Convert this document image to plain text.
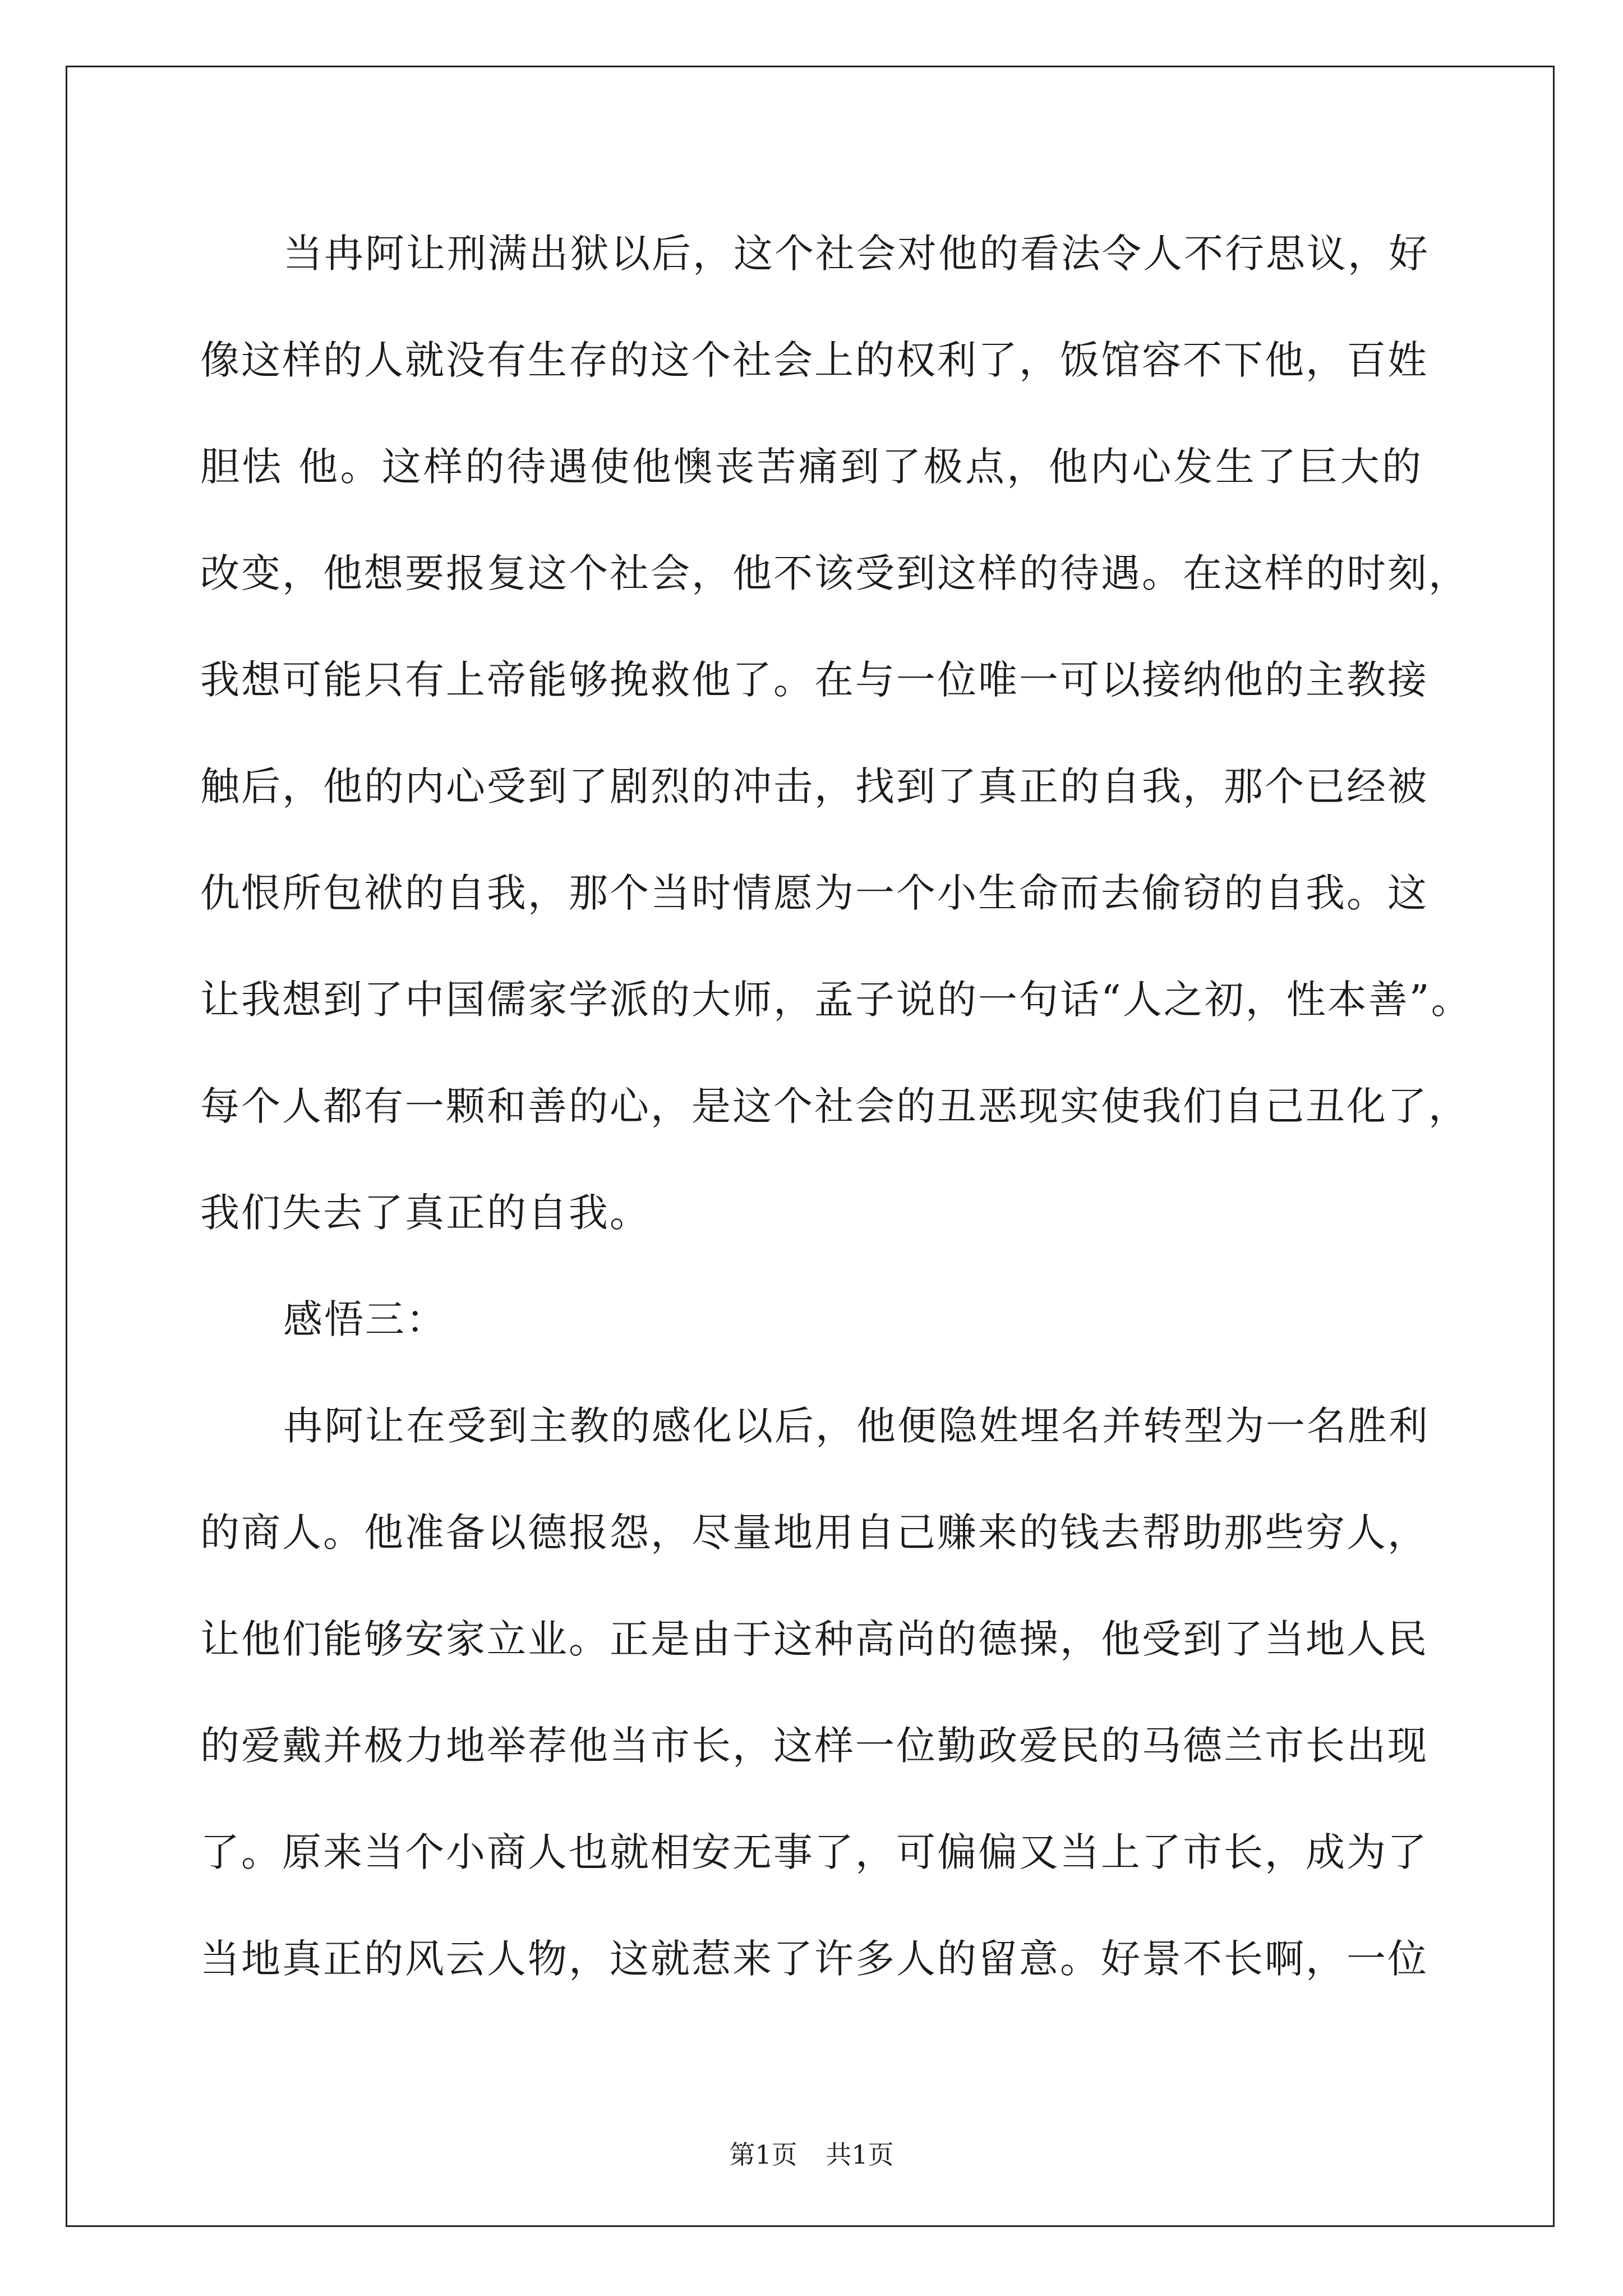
当冉阿让刑满出狱以后，这个社会对他的看法令人不行思议，好
像这样的人就没有生存的这个社会上的权利了，饭馆容不下他，百姓
胆怯 他。这样的待遇使他懊丧苦痛到了极点，他内心发生了巨大的
改变，他想要报复这个社会，他不该受到这样的待遇。在这样的时刻，
我想可能只有上帝能够挽救他了。在与一位唯一可以接纳他的主教接
触后，他的内心受到了剧烈的冲击，找到了真正的自我，那个已经被
仇恨所包袱的自我，那个当时情愿为一个小生命而去偷窃的自我。这
让我想到了中国儒家学派的大师，孟子说的一句话“人之初，性本善”。
每个人都有一颗和善的心，是这个社会的丑恶现实使我们自己丑化了，
我们失去了真正的自我。
感悟三：
冉阿让在受到主教的感化以后，他便隐姓埋名并转型为一名胜利
的商人。他准备以德报怨，尽量地用自己赚来的钱去帮助那些穷人，
让他们能够安家立业。正是由于这种高尚的德操，他受到了当地人民
的爱戴并极力地举荐他当市长，这样一位勤政爱民的马德兰市长出现
了。原来当个小商人也就相安无事了，可偏偏又当上了市长，成为了
当地真正的风云人物，这就惹来了许多人的留意。好景不长啊，一位
第1页 共1页
